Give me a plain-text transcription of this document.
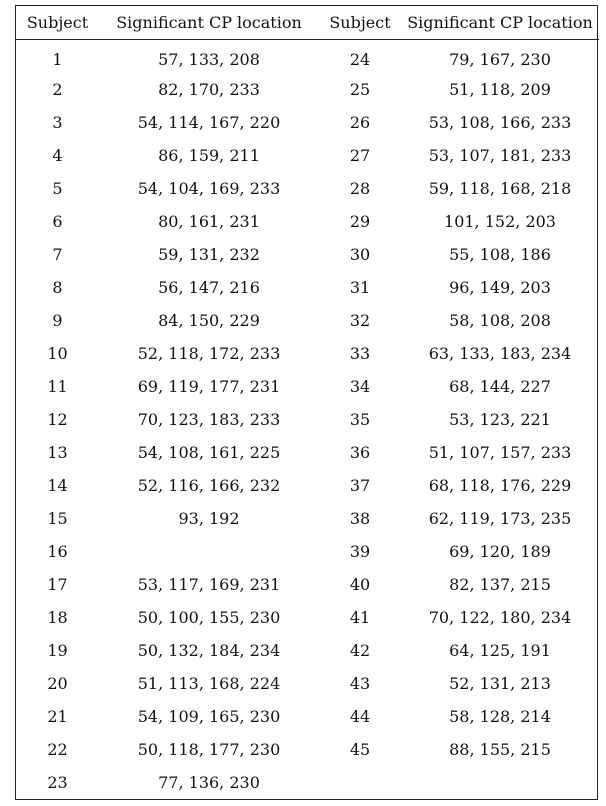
Subject	Significant CP location	Subject	Significant CP location
1	57, 133, 208	24	79, 167, 230
2	82, 170, 233	25	51, 118, 209
3	54, 114, 167, 220	26	53, 108, 166, 233
4	86, 159, 211	27	53, 107, 181, 233
5	54, 104, 169, 233	28	59, 118, 168, 218
6	80, 161, 231	29	101, 152, 203
7	59, 131, 232	30	55, 108, 186
8	56, 147, 216	31	96, 149, 203
9	84, 150, 229	32	58, 108, 208
10	52, 118, 172, 233	33	63, 133, 183, 234
11	69, 119, 177, 231	34	68, 144, 227
12	70, 123, 183, 233	35	53, 123, 221
13	54, 108, 161, 225	36	51, 107, 157, 233
14	52, 116, 166, 232	37	68, 118, 176, 229
15	93, 192	38	62, 119, 173, 235
16		39	69, 120, 189
17	53, 117, 169, 231	40	82, 137, 215
18	50, 100, 155, 230	41	70, 122, 180, 234
19	50, 132, 184, 234	42	64, 125, 191
20	51, 113, 168, 224	43	52, 131, 213
21	54, 109, 165, 230	44	58, 128, 214
22	50, 118, 177, 230	45	88, 155, 215
23	77, 136, 230		
